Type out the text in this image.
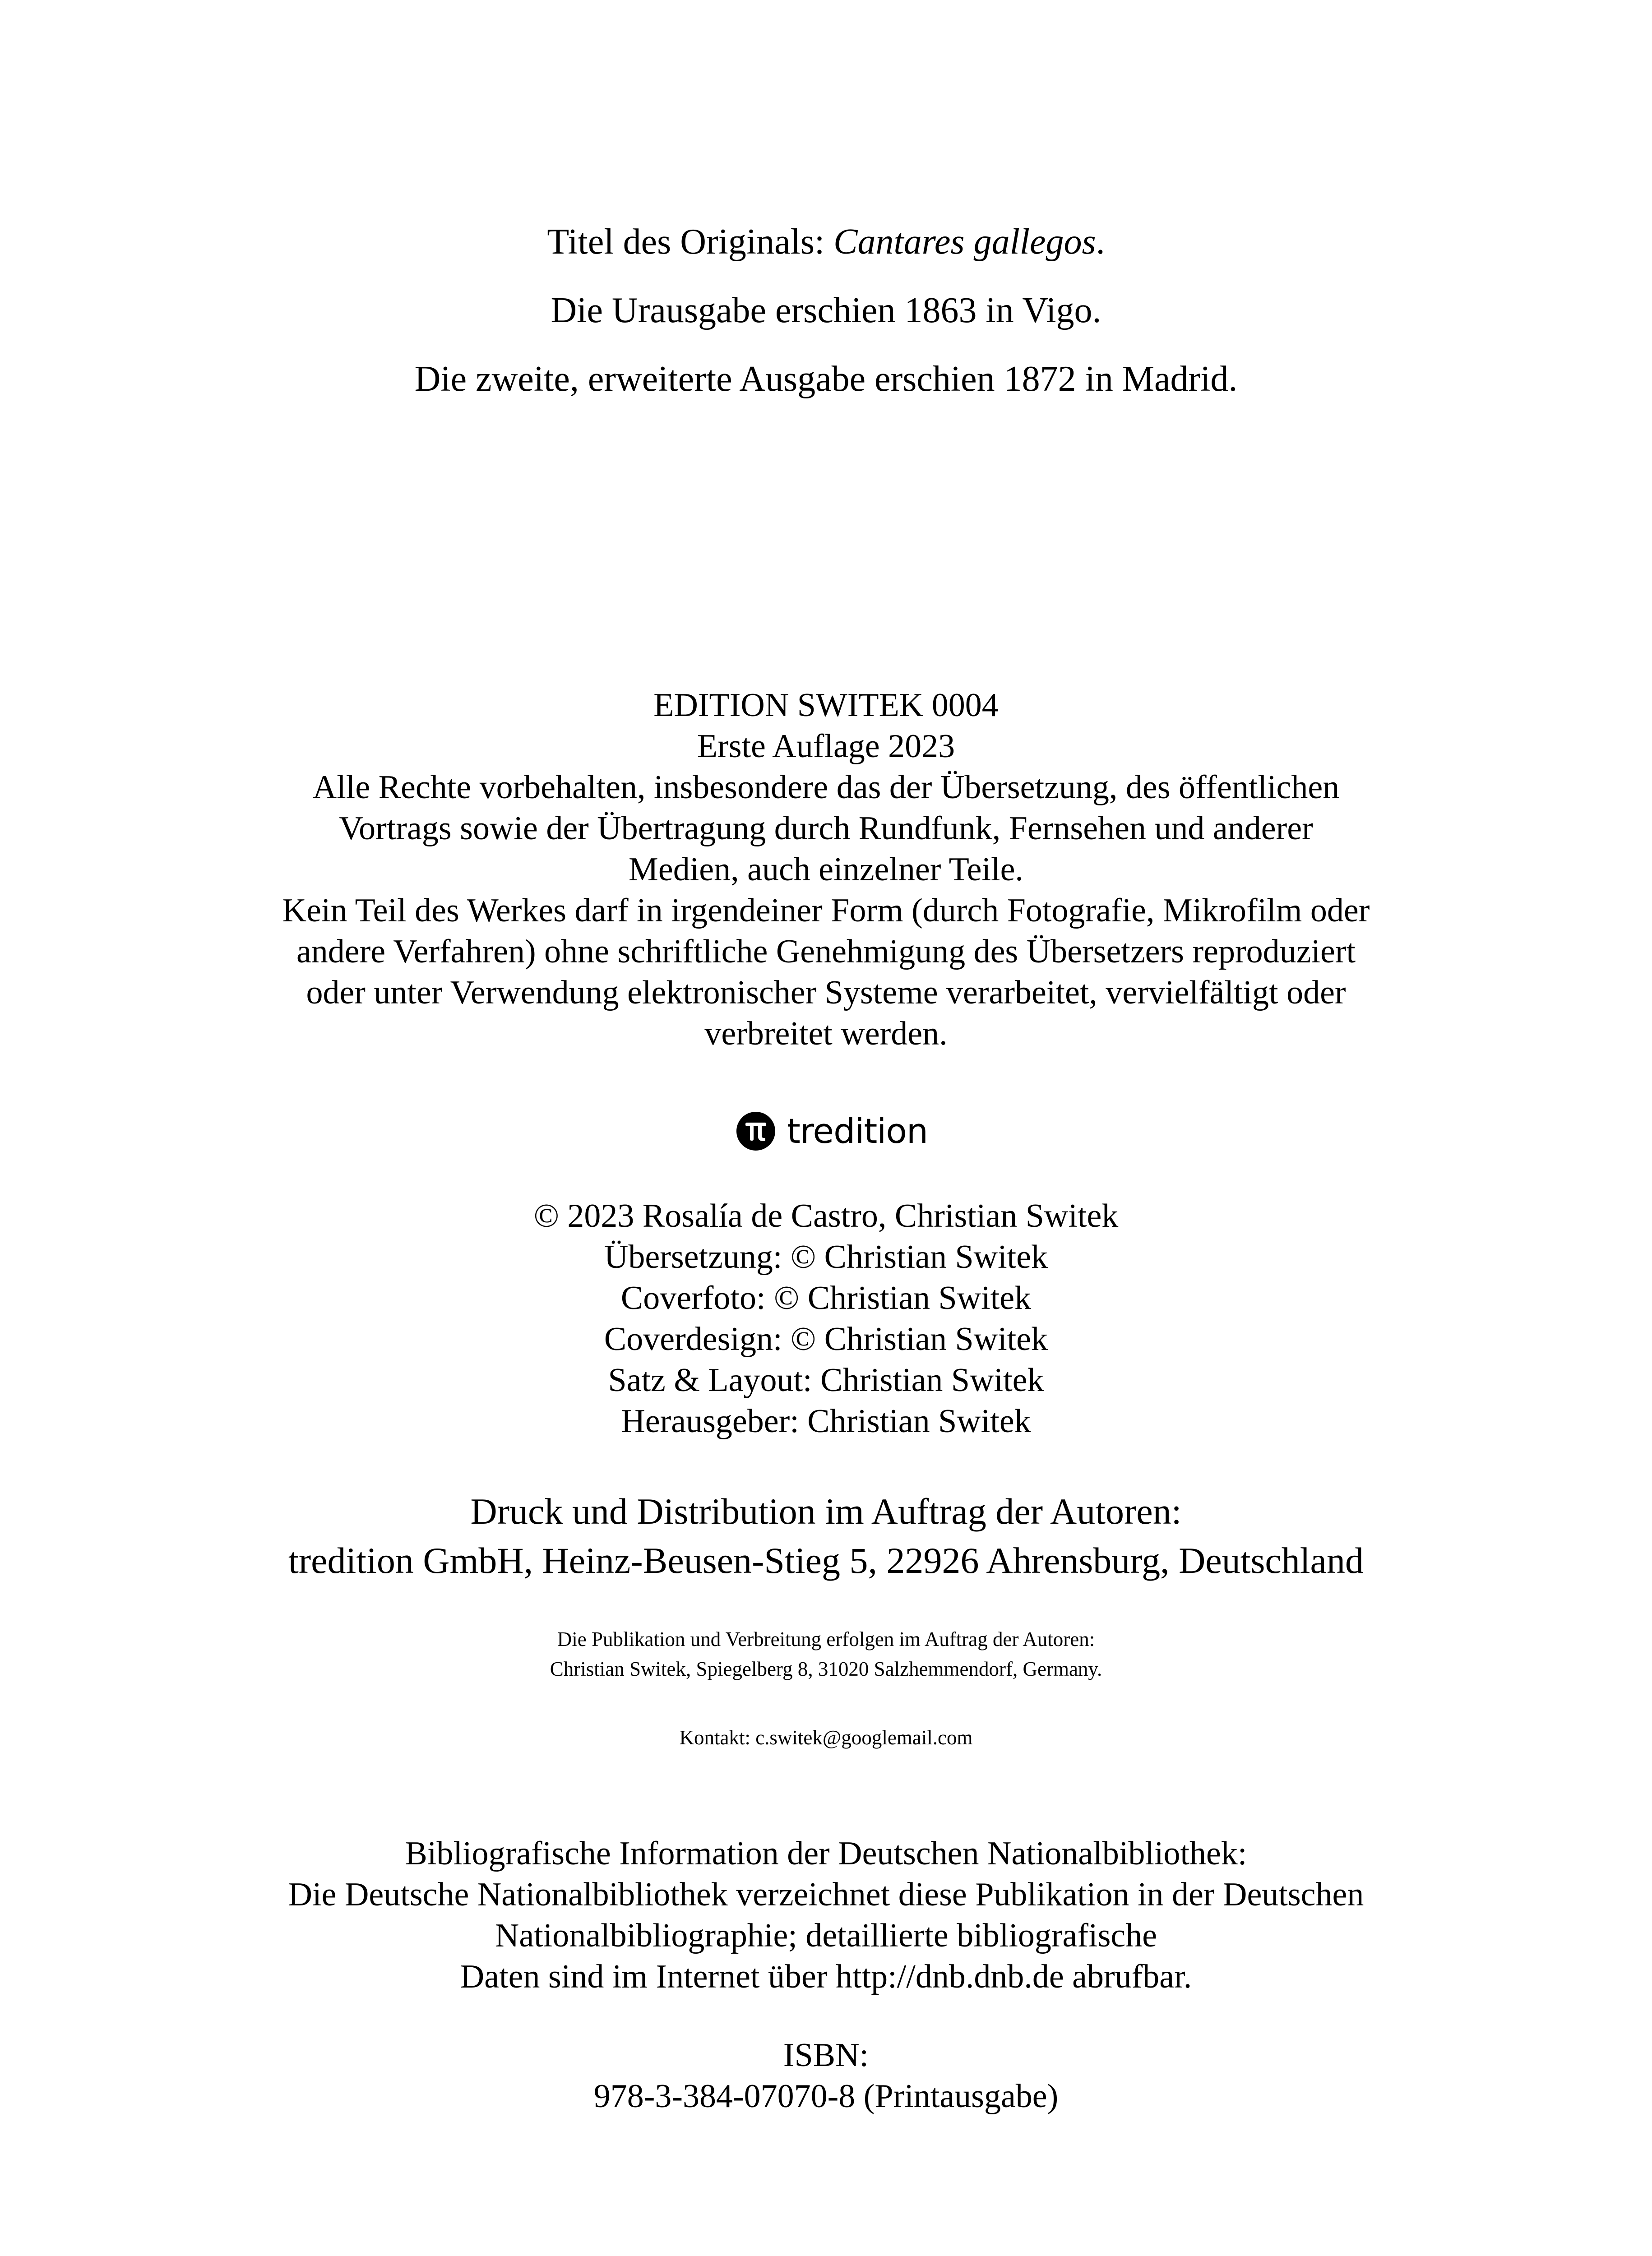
Titel des Originals: Cantares gallegos.
Die Urausgabe erschien 1863 in Vigo.
Die zweite, erweiterte Ausgabe erschien 1872 in Madrid.
EDITION SWITEK 0004
Erste Auflage 2023
Alle Rechte vorbehalten, insbesondere das der Übersetzung, des öffentlichen
Vortrags sowie der Übertragung durch Rundfunk, Fernsehen und anderer
Medien, auch einzelner Teile.
Kein Teil des Werkes darf in irgendeiner Form (durch Fotografie, Mikrofilm oder
andere Verfahren) ohne schriftliche Genehmigung des Übersetzers reproduziert
oder unter Verwendung elektronischer Systeme verarbeitet, vervielfältigt oder
verbreitet werden.
tredition
© 2023 Rosalía de Castro, Christian Switek
Übersetzung: © Christian Switek
Coverfoto: © Christian Switek
Coverdesign: © Christian Switek
Satz & Layout: Christian Switek
Herausgeber: Christian Switek
Druck und Distribution im Auftrag der Autoren:
tredition GmbH, Heinz-Beusen-Stieg 5, 22926 Ahrensburg, Deutschland
Die Publikation und Verbreitung erfolgen im Auftrag der Autoren:
Christian Switek, Spiegelberg 8, 31020 Salzhemmendorf, Germany.
Kontakt: c.switek@googlemail.com
Bibliografische Information der Deutschen Nationalbibliothek:
Die Deutsche Nationalbibliothek verzeichnet diese Publikation in der Deutschen
Nationalbibliographie; detaillierte bibliografische
Daten sind im Internet über http://dnb.dnb.de abrufbar.
ISBN:
978-3-384-07070-8 (Printausgabe)
